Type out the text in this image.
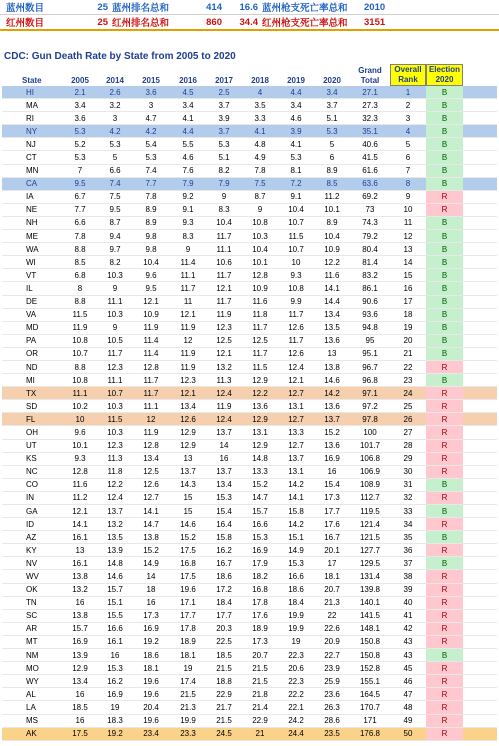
蓝州数目	25 蓝州排名总和	414	16.6 蓝州枪支死亡率总和	2010
红州数目	25 红州排名总和	860	34.4 红州枪支死亡率总和	3151
CDC: Gun Death Rate by State from 2005 to 2020
State	2005	2014	2015	2016	2017	2018	2019	2020
Grand
Total
Overall
Rank
Election
2020
HI	2.1	2.6	3.6	4.5	2.5	4	4.4	3.4	27.1	1	B
MA	3.4	3.2	3	3.4	3.7	3.5	3.4	3.7	27.3	2	B
RI	3.6	3	4.7	4.1	3.9	3.3	4.6	5.1	32.3	3	B
NY	5.3	4.2	4.2	4.4	3.7	4.1	3.9	5.3	35.1	4	B
NJ	5.2	5.3	5.4	5.5	5.3	4.8	4.1	5	40.6	5	B
CT	5.3	5	5.3	4.6	5.1	4.9	5.3	6	41.5	6	B
MN	7	6.6	7.4	7.6	8.2	7.8	8.1	8.9	61.6	7	B
CA	9.5	7.4	7.7	7.9	7.9	7.5	7.2	8.5	63.6	8	B
IA	6.7	7.5	7.8	9.2	9	8.7	9.1	11.2	69.2	9	R
NE	7.7	9.5	8.9	9.1	8.3	9	10.4	10.1	73	10	R
NH	6.6	8.7	8.9	9.3	10.4	10.8	10.7	8.9	74.3	11	B
ME	7.8	9.4	9.8	8.3	11.7	10.3	11.5	10.4	79.2	12	B
WA	8.8	9.7	9.8	9	11.1	10.4	10.7	10.9	80.4	13	B
WI	8.5	8.2	10.4	11.4	10.6	10.1	10	12.2	81.4	14	B
VT	6.8	10.3	9.6	11.1	11.7	12.8	9.3	11.6	83.2	15	B
IL	8	9	9.5	11.7	12.1	10.9	10.8	14.1	86.1	16	B
DE	8.8	11.1	12.1	11	11.7	11.6	9.9	14.4	90.6	17	B
VA	11.5	10.3	10.9	12.1	11.9	11.8	11.7	13.4	93.6	18	B
MD	11.9	9	11.9	11.9	12.3	11.7	12.6	13.5	94.8	19	B
PA	10.8	10.5	11.4	12	12.5	12.5	11.7	13.6	95	20	B
OR	10.7	11.7	11.4	11.9	12.1	11.7	12.6	13	95.1	21	B
ND	8.8	12.3	12.8	11.9	13.2	11.5	12.4	13.8	96.7	22	R
MI	10.8	11.1	11.7	12.3	11.3	12.9	12.1	14.6	96.8	23	B
TX	11.1	10.7	11.7	12.1	12.4	12.2	12.7	14.2	97.1	24	R
SD	10.2	10.3	11.1	13.4	11.9	13.6	13.1	13.6	97.2	25	R
FL	10	11.5	12	12.6	12.4	12.9	12.7	13.7	97.8	26	R
OH	9.6	10.3	11.9	12.9	13.7	13.1	13.3	15.2	100	27	R
UT	10.1	12.3	12.8	12.9	14	12.9	12.7	13.6	101.7	28	R
KS	9.3	11.3	13.4	13	16	14.8	13.7	16.9	106.8	29	R
NC	12.8	11.8	12.5	13.7	13.7	13.3	13.1	16	106.9	30	R
CO	11.6	12.2	12.6	14.3	13.4	15.2	14.2	15.4	108.9	31	B
IN	11.2	12.4	12.7	15	15.3	14.7	14.1	17.3	112.7	32	R
GA	12.1	13.7	14.1	15	15.4	15.7	15.8	17.7	119.5	33	B
ID	14.1	13.2	14.7	14.6	16.4	16.6	14.2	17.6	121.4	34	R
AZ	16.1	13.5	13.8	15.2	15.8	15.3	15.1	16.7	121.5	35	B
KY	13	13.9	15.2	17.5	16.2	16.9	14.9	20.1	127.7	36	R
NV	16.1	14.8	14.9	16.8	16.7	17.9	15.3	17	129.5	37	B
WV	13.8	14.6	14	17.5	18.6	18.2	16.6	18.1	131.4	38	R
OK	13.2	15.7	18	19.6	17.2	16.8	18.6	20.7	139.8	39	R
TN	16	15.1	16	17.1	18.4	17.8	18.4	21.3	140.1	40	R
SC	13.8	15.5	17.3	17.7	17.7	17.6	19.9	22	141.5	41	R
AR	15.7	16.6	16.9	17.8	20.3	18.9	19.9	22.6	148.1	42	R
MT	16.9	16.1	19.2	18.9	22.5	17.3	19	20.9	150.8	43	R
NM	13.9	16	18.6	18.1	18.5	20.7	22.3	22.7	150.8	43	B
MO	12.9	15.3	18.1	19	21.5	21.5	20.6	23.9	152.8	45	R
WY	13.4	16.2	19.6	17.4	18.8	21.5	22.3	25.9	155.1	46	R
AL	16	16.9	19.6	21.5	22.9	21.8	22.2	23.6	164.5	47	R
LA	18.5	19	20.4	21.3	21.7	21.4	22.1	26.3	170.7	48	R
MS	16	18.3	19.6	19.9	21.5	22.9	24.2	28.6	171	49	R
AK	17.5	19.2	23.4	23.3	24.5	21	24.4	23.5	176.8	50	R
